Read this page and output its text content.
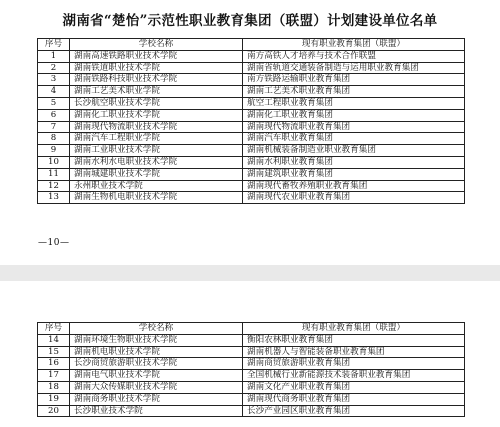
湖南省“楚怡”示范性职业教育集团（联盟）计划建设单位名单
—10—
序号	学校名称	现有职业教育集团（联盟）
1	湖南高速铁路职业技术学院	南方高铁人才培养与技术合作联盟
2	湖南铁道职业技术学院	湖南省轨道交通装备制造与运用职业教育集团
3	湖南铁路科技职业技术学院	南方铁路运输职业教育集团
4	湖南工艺美术职业学院	湖南工艺美术职业教育集团
5	长沙航空职业技术学院	航空工程职业教育集团
6	湖南化工职业技术学院	湖南化工职业教育集团
7	湖南现代物流职业技术学院	湖南现代物流职业教育集团
8	湖南汽车工程职业学院	湖南汽车职业教育集团
9	湖南工业职业技术学院	湖南机械装备制造业职业教育集团
10	湖南水利水电职业技术学院	湖南水利职业教育集团
11	湖南城建职业技术学院	湖南建筑职业教育集团
12	永州职业技术学院	湖南现代畜牧养殖职业教育集团
13	湖南生物机电职业技术学院	湖南现代农业职业教育集团
序号	学校名称	现有职业教育集团（联盟）
14	湖南环境生物职业技术学院	衡阳农林职业教育集团
15	湖南机电职业技术学院	湖南机器人与智能装备职业教育集团
16	长沙商贸旅游职业技术学院	湖南商贸旅游职业教育集团
17	湖南电气职业技术学院	全国机械行业新能源技术装备职业教育集团
18	湖南大众传媒职业技术学院	湖南文化产业职业教育集团
19	湖南商务职业技术学院	湖南现代商务职业教育集团
20	长沙职业技术学院	长沙产业园区职业教育集团
